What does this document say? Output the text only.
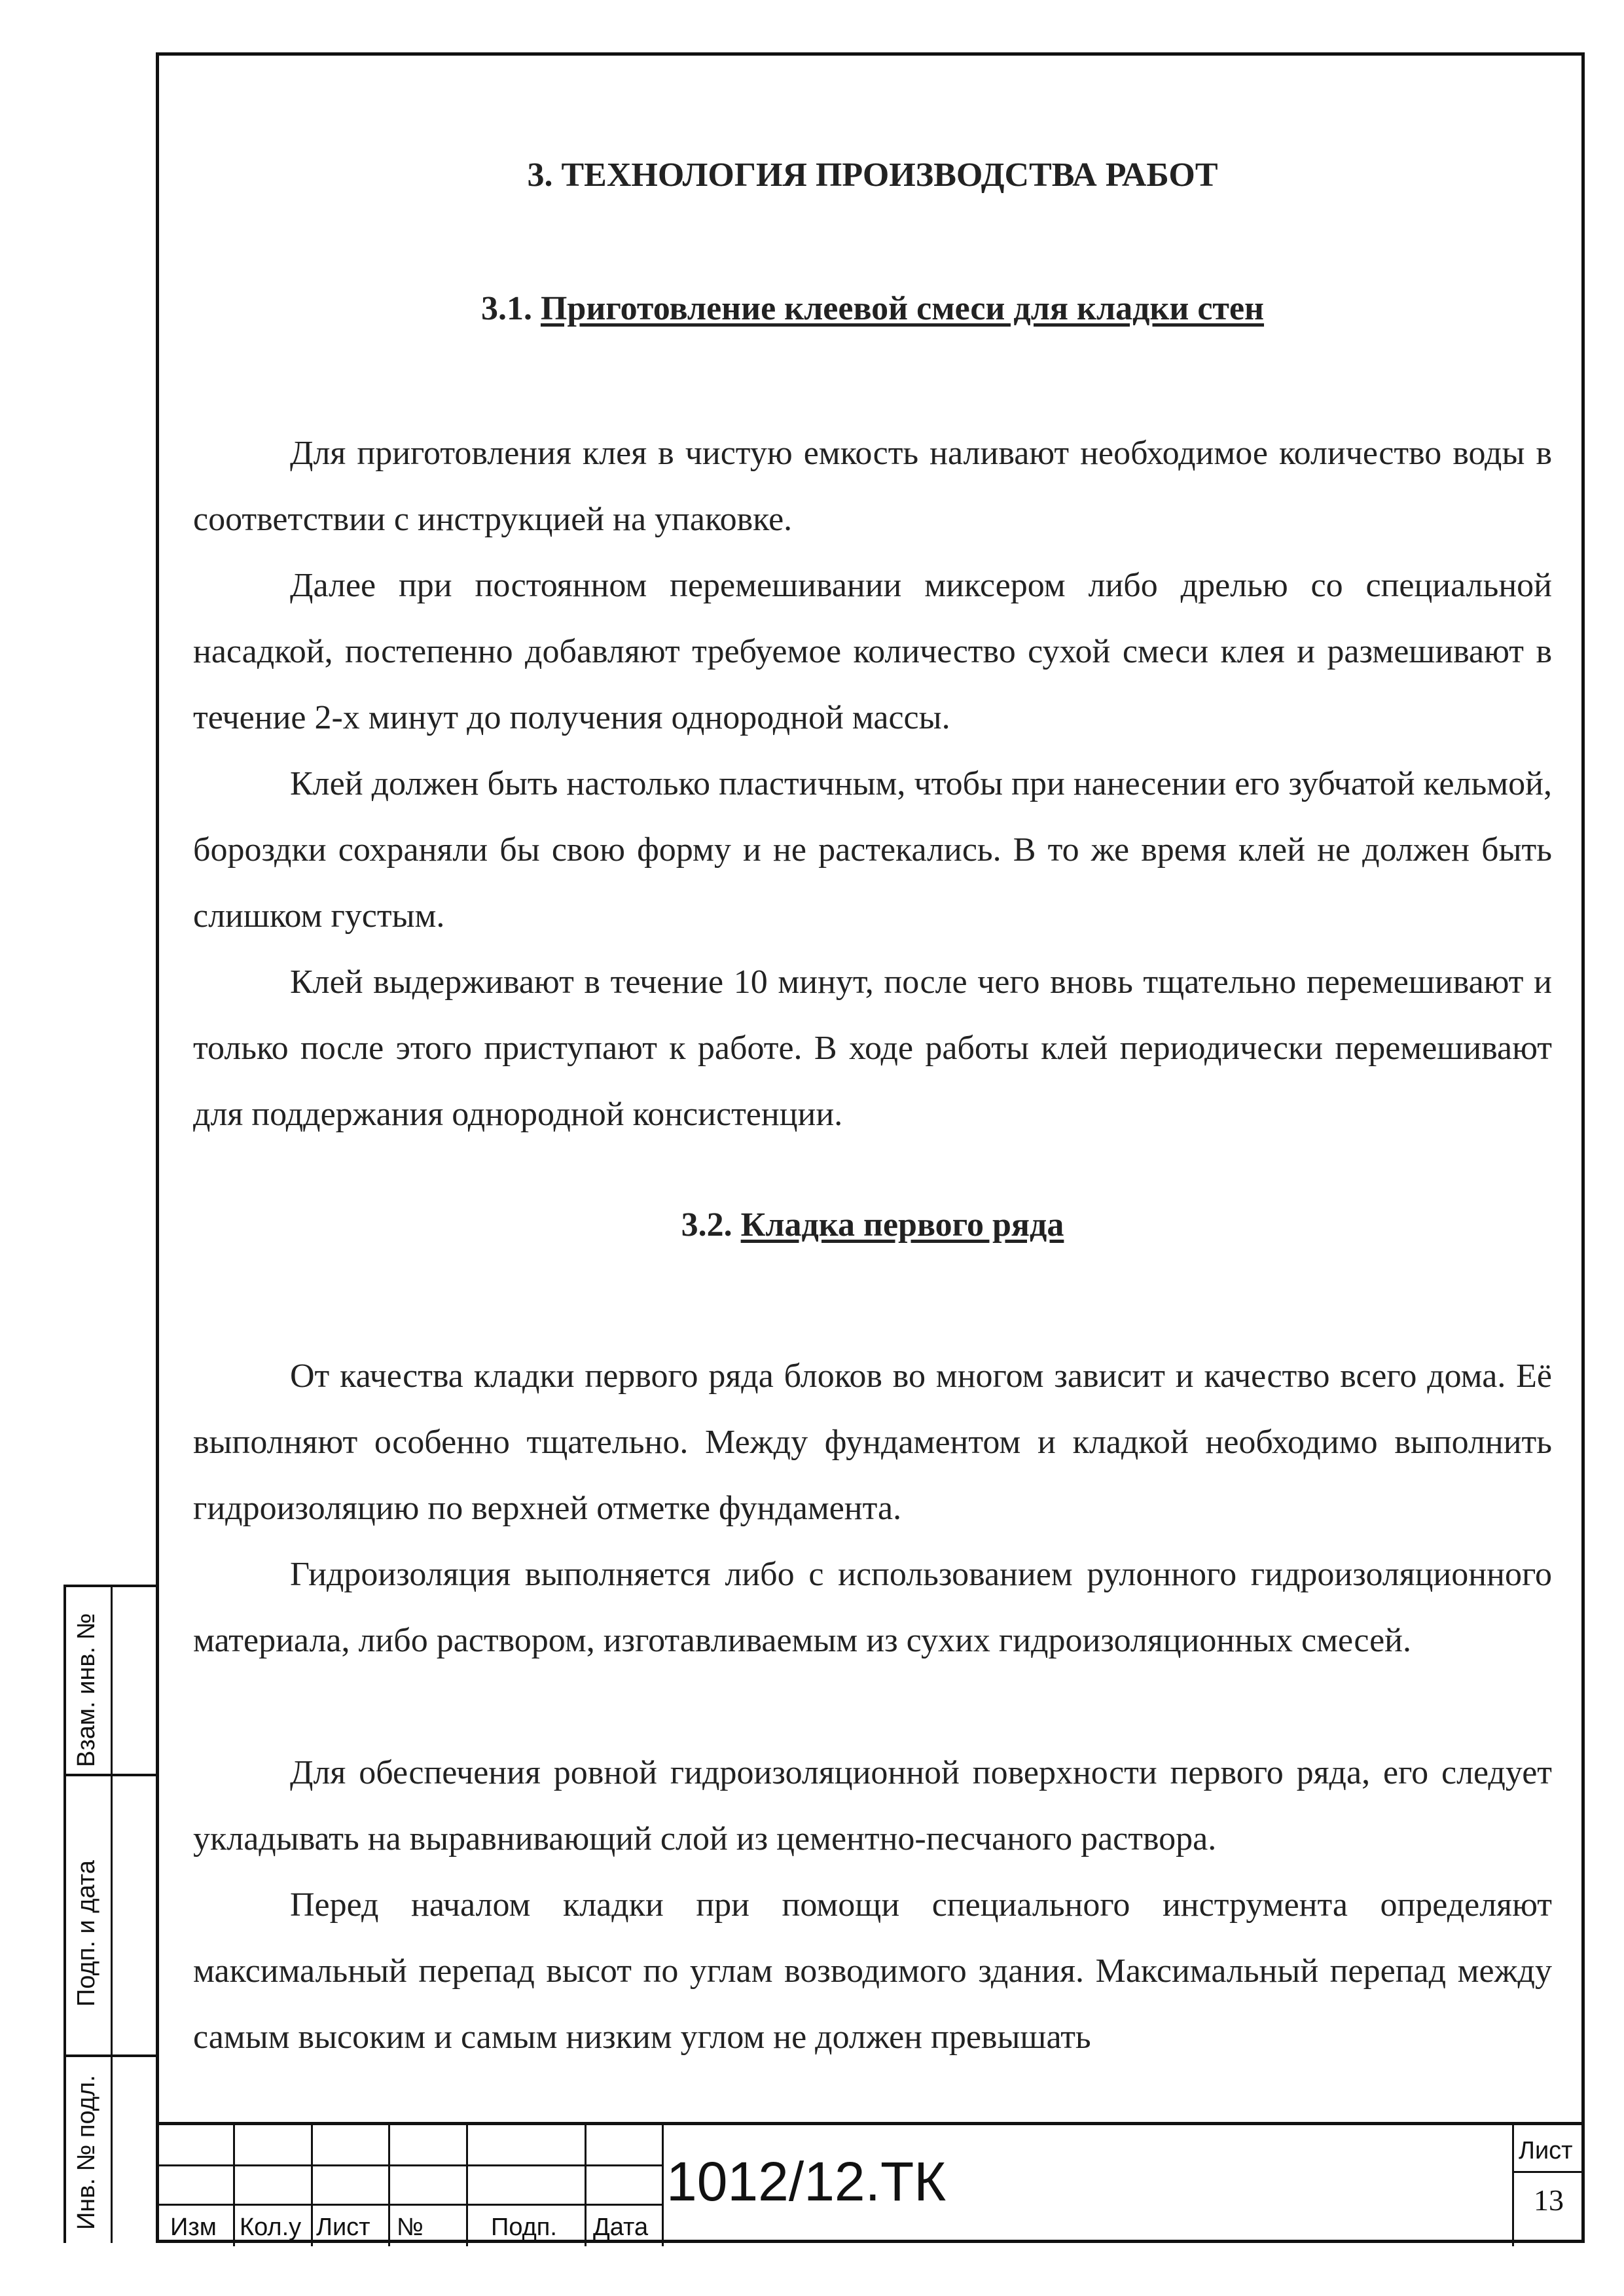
3. ТЕХНОЛОГИЯ ПРОИЗВОДСТВА РАБОТ
3.1. Приготовление клеевой смеси для кладки стен

Для приготовления клея в чистую емкость наливают необходимое количество воды в соответствии с инструкцией на упаковке.

Далее при постоянном перемешивании миксером либо дрелью со специальной насадкой, постепенно добавляют требуемое количество сухой смеси клея и размешивают в течение 2-х минут до получения однородной массы.

Клей должен быть настолько пластичным, чтобы при нанесении его зубчатой кельмой, бороздки сохраняли бы свою форму и не растекались. В то же время клей не должен быть слишком густым.

Клей выдерживают в течение 10 минут, после чего вновь тщательно перемешивают и только после этого приступают к работе. В ходе работы клей периодически перемешивают для поддержания однородной консистенции.

3.2. Кладка первого ряда

От качества кладки первого ряда блоков во многом зависит и качество всего дома. Её выполняют особенно тщательно. Между фундаментом и кладкой необходимо выполнить гидроизоляцию по верхней отметке фундамента.

Гидроизоляция выполняется либо с использованием рулонного гидроизоляционного материала, либо раствором, изготавливаемым из сухих гидроизоляционных смесей.

Для обеспечения ровной гидроизоляционной поверхности первого ряда, его следует укладывать на выравнивающий слой из цементно-песчаного раствора.

Перед началом кладки при помощи специального инструмента определяют максимальный перепад высот по углам возводимого здания. Максимальный перепад между самым высоким и самым низким углом не должен превышать

Взам. инв. №
Подп. и дата
Инв. № подл.	Изм Кол.у Лист №	Подп. Дата
1012/12.ТК	Лист
13
